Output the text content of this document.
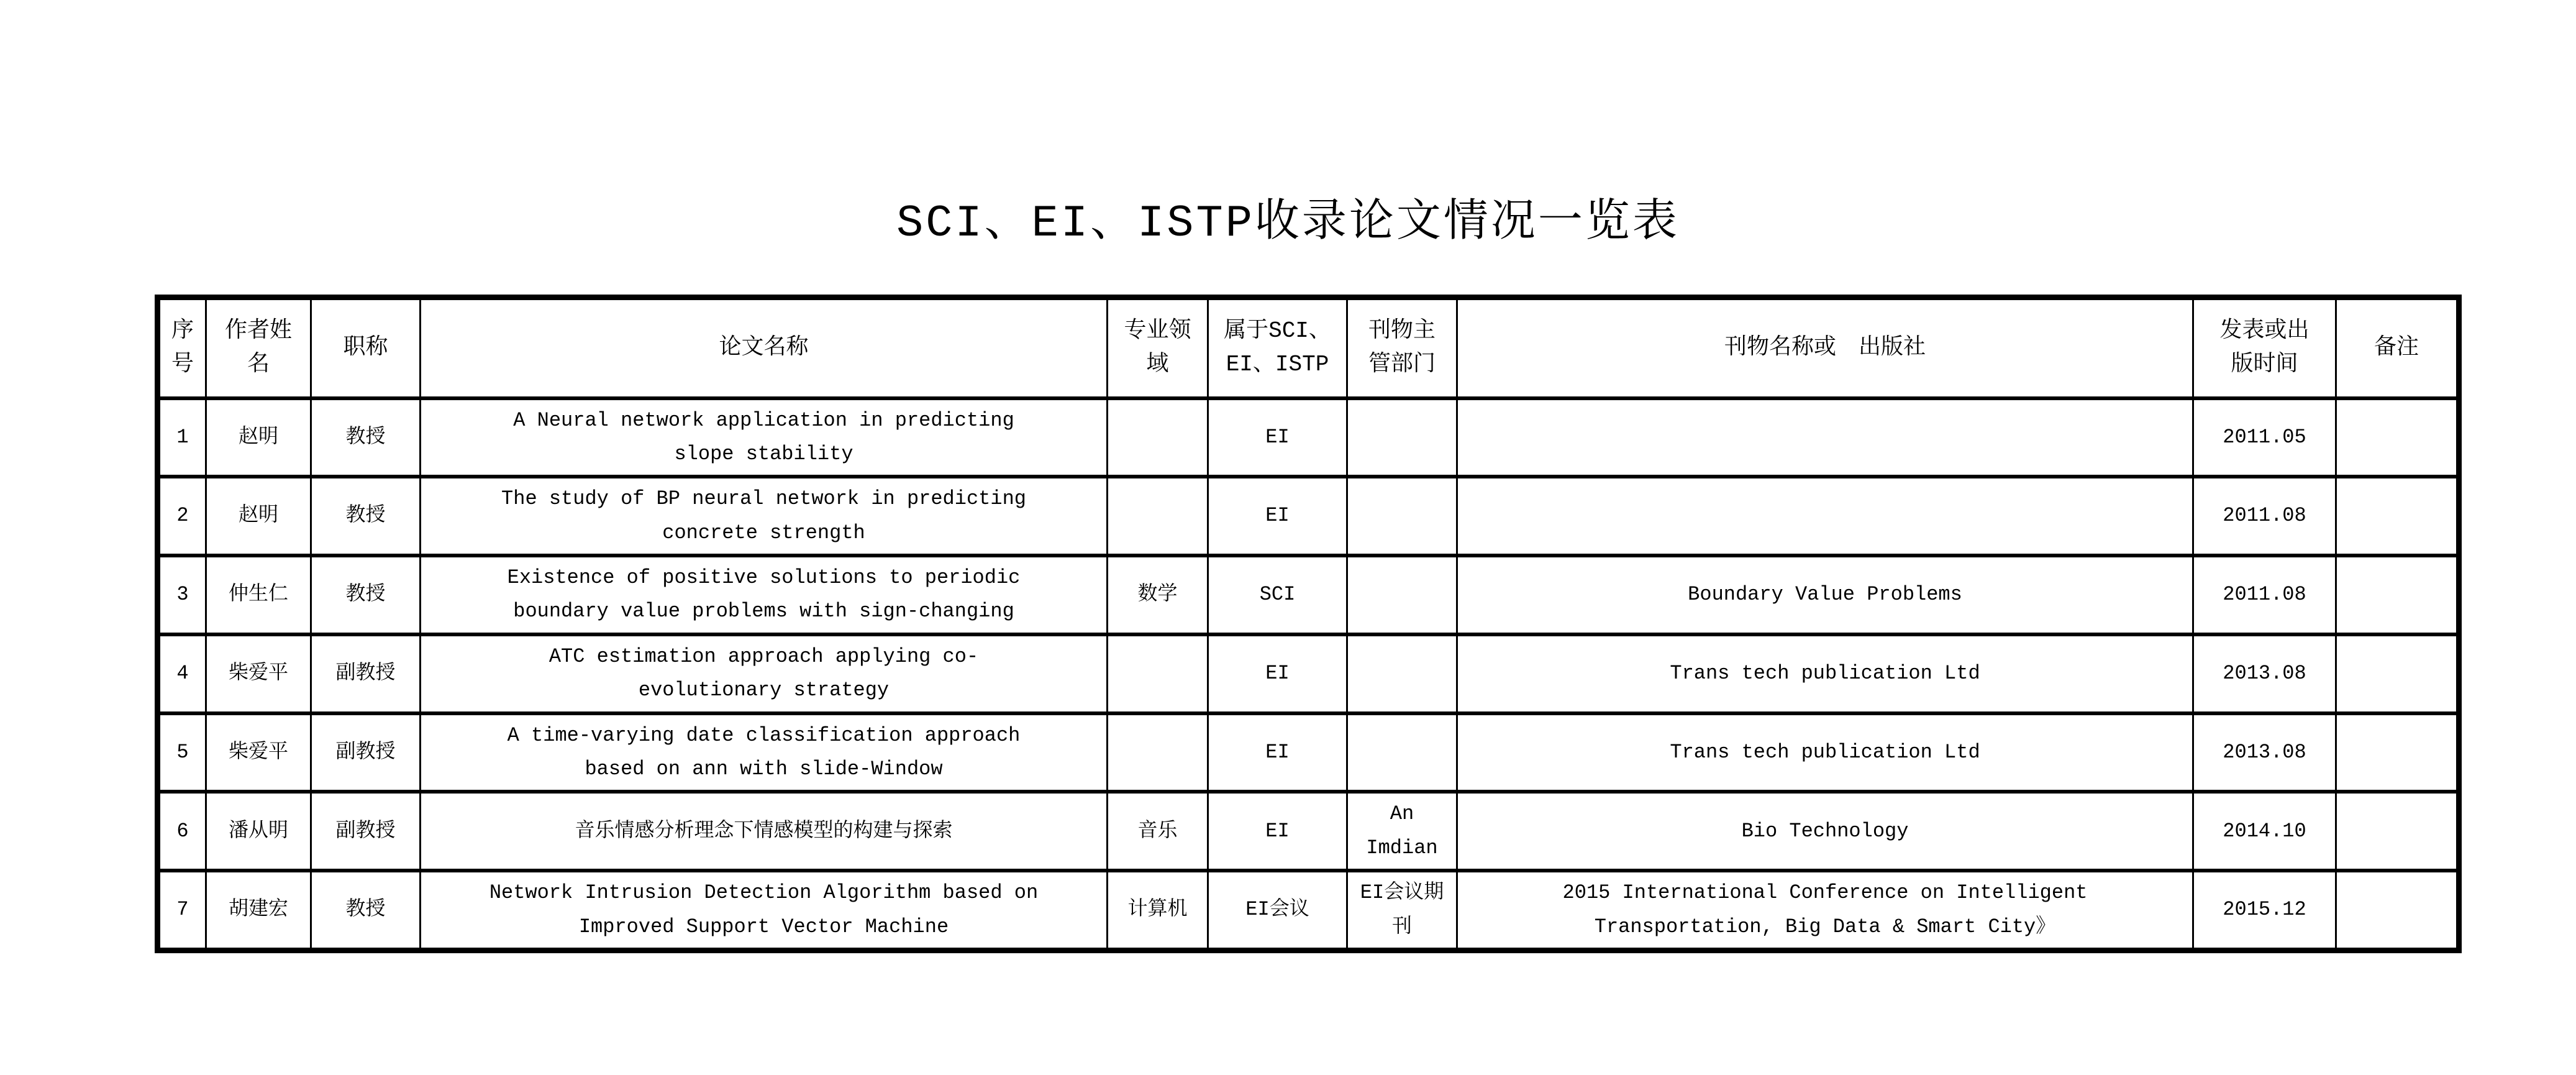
SCI、EI、ISTP收录论文情况一览表
序号	作者姓名	职称	论文名称	专业领域	属于SCI、EI、ISTP	刊物主管部门	刊物名称或　出版社	发表或出版时间	备注
1	赵明	教授	A Neural network application in predicting slope stability		EI			2011.05	
2	赵明	教授	The study of BP neural network in predicting concrete strength		EI			2011.08	
3	仲生仁	教授	Existence of positive solutions to periodic boundary value problems with sign-changing	数学	SCI		Boundary Value Problems	2011.08	
4	柴爱平	副教授	ATC estimation approach applying co-evolutionary strategy		EI		Trans tech publication Ltd	2013.08	
5	柴爱平	副教授	A time-varying date classification approach based on ann with slide-Window		EI		Trans tech publication Ltd	2013.08	
6	潘从明	副教授	音乐情感分析理念下情感模型的构建与探索	音乐	EI	An Imdian	Bio Technology	2014.10	
7	胡建宏	教授	Network Intrusion Detection Algorithm based on Improved Support Vector Machine	计算机	EI会议	EI会议期刊	2015 International Conference on Intelligent Transportation, Big Data & Smart City》	2015.12	
